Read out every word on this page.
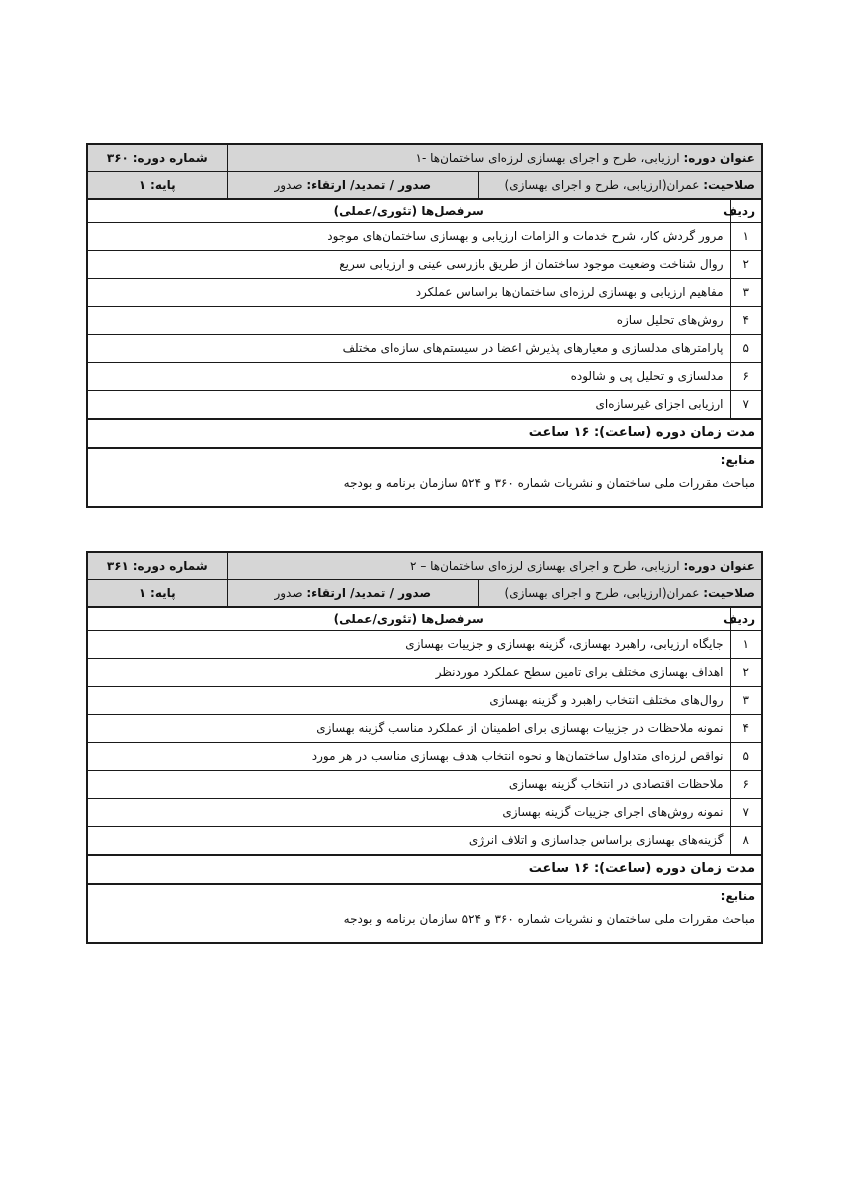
عنوان دوره: ارزیابی، طرح و اجرای بهسازی لرزه‌ای ساختمان‌ها -۱			شماره دوره: ۳۶۰
صلاحیت: عمران(ارزیابی، طرح و اجرای بهسازی)		صدور / تمدید/ ارتقاء: صدور	پایه: ۱
ردیف	سرفصل‌ها (تئوری/عملی)		
۱	مرور گردش کار، شرح خدمات و الزامات ارزیابی و بهسازی ساختمان‌های موجود		
۲	روال شناخت وضعیت موجود ساختمان از طریق بازرسی عینی و ارزیابی سریع		
۳	مفاهیم ارزیابی و بهسازی لرزه‌ای ساختمان‌ها براساس عملکرد		
۴	روش‌های تحلیل سازه		
۵	پارامترهای مدلسازی و معیارهای پذیرش اعضا در سیستم‌های سازه‌ای مختلف		
۶	مدلسازی و تحلیل پی و شالوده		
۷	ارزیابی اجزای غیرسازه‌ای		
مدت زمان دوره (ساعت): ۱۶ ساعت			

منابع:
مباحث مقررات ملی ساختمان و نشریات شماره ۳۶۰ و ۵۲۴ سازمان برنامه و بودجه			
عنوان دوره: ارزیابی، طرح و اجرای بهسازی لرزه‌ای ساختمان‌ها – ۲			شماره دوره: ۳۶۱
صلاحیت: عمران(ارزیابی، طرح و اجرای بهسازی)		صدور / تمدید/ ارتقاء: صدور	پایه: ۱
ردیف	سرفصل‌ها (تئوری/عملی)		
۱	جایگاه ارزیابی، راهبرد بهسازی، گزینه بهسازی و جزییات بهسازی		
۲	اهداف بهسازی مختلف برای تامین سطح عملکرد موردنظر		
۳	روال‌های مختلف انتخاب راهبرد و گزینه بهسازی		
۴	نمونه ملاحظات در جزییات بهسازی برای اطمینان از عملکرد مناسب گزینه بهسازی		
۵	نواقص لرزه‌ای متداول ساختمان‌ها و نحوه انتخاب هدف بهسازی مناسب در هر مورد		
۶	ملاحظات اقتصادی در انتخاب گزینه بهسازی		
۷	نمونه روش‌های اجرای جزییات گزینه بهسازی		
۸	گزینه‌های بهسازی براساس جداسازی و اتلاف انرژی		
مدت زمان دوره (ساعت): ۱۶ ساعت			

منابع:
مباحث مقررات ملی ساختمان و نشریات شماره ۳۶۰ و ۵۲۴ سازمان برنامه و بودجه			
